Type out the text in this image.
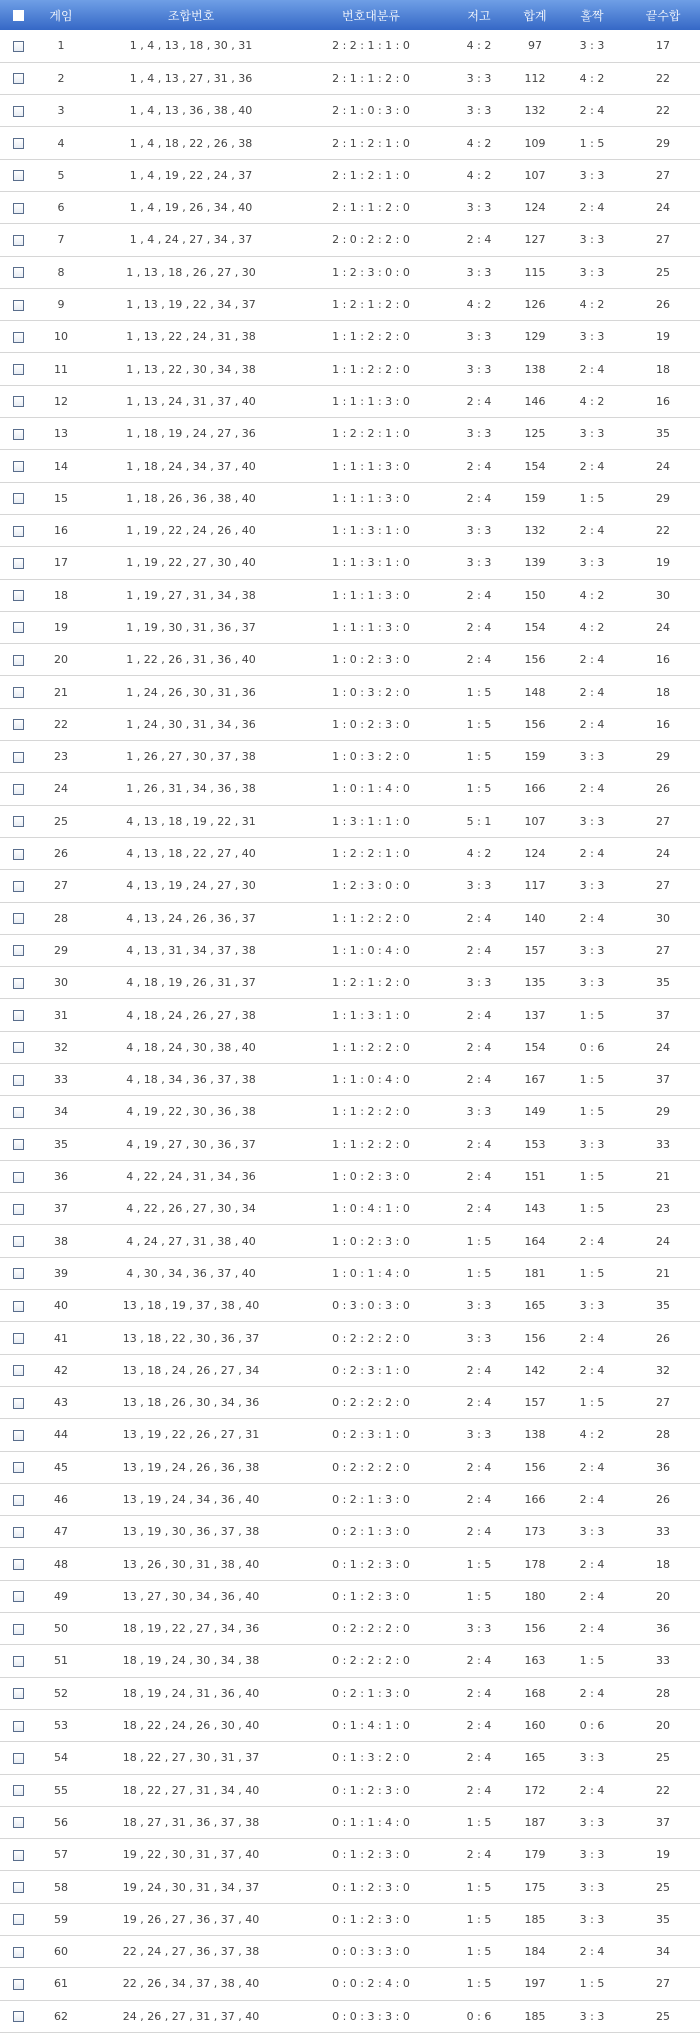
	게임	조합번호	번호대분류	저고	합계	홀짝	끝수합
	1	1 , 4 , 13 , 18 , 30 , 31	2 : 2 : 1 : 1 : 0	4 : 2	97	3 : 3	17
	2	1 , 4 , 13 , 27 , 31 , 36	2 : 1 : 1 : 2 : 0	3 : 3	112	4 : 2	22
	3	1 , 4 , 13 , 36 , 38 , 40	2 : 1 : 0 : 3 : 0	3 : 3	132	2 : 4	22
	4	1 , 4 , 18 , 22 , 26 , 38	2 : 1 : 2 : 1 : 0	4 : 2	109	1 : 5	29
	5	1 , 4 , 19 , 22 , 24 , 37	2 : 1 : 2 : 1 : 0	4 : 2	107	3 : 3	27
	6	1 , 4 , 19 , 26 , 34 , 40	2 : 1 : 1 : 2 : 0	3 : 3	124	2 : 4	24
	7	1 , 4 , 24 , 27 , 34 , 37	2 : 0 : 2 : 2 : 0	2 : 4	127	3 : 3	27
	8	1 , 13 , 18 , 26 , 27 , 30	1 : 2 : 3 : 0 : 0	3 : 3	115	3 : 3	25
	9	1 , 13 , 19 , 22 , 34 , 37	1 : 2 : 1 : 2 : 0	4 : 2	126	4 : 2	26
	10	1 , 13 , 22 , 24 , 31 , 38	1 : 1 : 2 : 2 : 0	3 : 3	129	3 : 3	19
	11	1 , 13 , 22 , 30 , 34 , 38	1 : 1 : 2 : 2 : 0	3 : 3	138	2 : 4	18
	12	1 , 13 , 24 , 31 , 37 , 40	1 : 1 : 1 : 3 : 0	2 : 4	146	4 : 2	16
	13	1 , 18 , 19 , 24 , 27 , 36	1 : 2 : 2 : 1 : 0	3 : 3	125	3 : 3	35
	14	1 , 18 , 24 , 34 , 37 , 40	1 : 1 : 1 : 3 : 0	2 : 4	154	2 : 4	24
	15	1 , 18 , 26 , 36 , 38 , 40	1 : 1 : 1 : 3 : 0	2 : 4	159	1 : 5	29
	16	1 , 19 , 22 , 24 , 26 , 40	1 : 1 : 3 : 1 : 0	3 : 3	132	2 : 4	22
	17	1 , 19 , 22 , 27 , 30 , 40	1 : 1 : 3 : 1 : 0	3 : 3	139	3 : 3	19
	18	1 , 19 , 27 , 31 , 34 , 38	1 : 1 : 1 : 3 : 0	2 : 4	150	4 : 2	30
	19	1 , 19 , 30 , 31 , 36 , 37	1 : 1 : 1 : 3 : 0	2 : 4	154	4 : 2	24
	20	1 , 22 , 26 , 31 , 36 , 40	1 : 0 : 2 : 3 : 0	2 : 4	156	2 : 4	16
	21	1 , 24 , 26 , 30 , 31 , 36	1 : 0 : 3 : 2 : 0	1 : 5	148	2 : 4	18
	22	1 , 24 , 30 , 31 , 34 , 36	1 : 0 : 2 : 3 : 0	1 : 5	156	2 : 4	16
	23	1 , 26 , 27 , 30 , 37 , 38	1 : 0 : 3 : 2 : 0	1 : 5	159	3 : 3	29
	24	1 , 26 , 31 , 34 , 36 , 38	1 : 0 : 1 : 4 : 0	1 : 5	166	2 : 4	26
	25	4 , 13 , 18 , 19 , 22 , 31	1 : 3 : 1 : 1 : 0	5 : 1	107	3 : 3	27
	26	4 , 13 , 18 , 22 , 27 , 40	1 : 2 : 2 : 1 : 0	4 : 2	124	2 : 4	24
	27	4 , 13 , 19 , 24 , 27 , 30	1 : 2 : 3 : 0 : 0	3 : 3	117	3 : 3	27
	28	4 , 13 , 24 , 26 , 36 , 37	1 : 1 : 2 : 2 : 0	2 : 4	140	2 : 4	30
	29	4 , 13 , 31 , 34 , 37 , 38	1 : 1 : 0 : 4 : 0	2 : 4	157	3 : 3	27
	30	4 , 18 , 19 , 26 , 31 , 37	1 : 2 : 1 : 2 : 0	3 : 3	135	3 : 3	35
	31	4 , 18 , 24 , 26 , 27 , 38	1 : 1 : 3 : 1 : 0	2 : 4	137	1 : 5	37
	32	4 , 18 , 24 , 30 , 38 , 40	1 : 1 : 2 : 2 : 0	2 : 4	154	0 : 6	24
	33	4 , 18 , 34 , 36 , 37 , 38	1 : 1 : 0 : 4 : 0	2 : 4	167	1 : 5	37
	34	4 , 19 , 22 , 30 , 36 , 38	1 : 1 : 2 : 2 : 0	3 : 3	149	1 : 5	29
	35	4 , 19 , 27 , 30 , 36 , 37	1 : 1 : 2 : 2 : 0	2 : 4	153	3 : 3	33
	36	4 , 22 , 24 , 31 , 34 , 36	1 : 0 : 2 : 3 : 0	2 : 4	151	1 : 5	21
	37	4 , 22 , 26 , 27 , 30 , 34	1 : 0 : 4 : 1 : 0	2 : 4	143	1 : 5	23
	38	4 , 24 , 27 , 31 , 38 , 40	1 : 0 : 2 : 3 : 0	1 : 5	164	2 : 4	24
	39	4 , 30 , 34 , 36 , 37 , 40	1 : 0 : 1 : 4 : 0	1 : 5	181	1 : 5	21
	40	13 , 18 , 19 , 37 , 38 , 40	0 : 3 : 0 : 3 : 0	3 : 3	165	3 : 3	35
	41	13 , 18 , 22 , 30 , 36 , 37	0 : 2 : 2 : 2 : 0	3 : 3	156	2 : 4	26
	42	13 , 18 , 24 , 26 , 27 , 34	0 : 2 : 3 : 1 : 0	2 : 4	142	2 : 4	32
	43	13 , 18 , 26 , 30 , 34 , 36	0 : 2 : 2 : 2 : 0	2 : 4	157	1 : 5	27
	44	13 , 19 , 22 , 26 , 27 , 31	0 : 2 : 3 : 1 : 0	3 : 3	138	4 : 2	28
	45	13 , 19 , 24 , 26 , 36 , 38	0 : 2 : 2 : 2 : 0	2 : 4	156	2 : 4	36
	46	13 , 19 , 24 , 34 , 36 , 40	0 : 2 : 1 : 3 : 0	2 : 4	166	2 : 4	26
	47	13 , 19 , 30 , 36 , 37 , 38	0 : 2 : 1 : 3 : 0	2 : 4	173	3 : 3	33
	48	13 , 26 , 30 , 31 , 38 , 40	0 : 1 : 2 : 3 : 0	1 : 5	178	2 : 4	18
	49	13 , 27 , 30 , 34 , 36 , 40	0 : 1 : 2 : 3 : 0	1 : 5	180	2 : 4	20
	50	18 , 19 , 22 , 27 , 34 , 36	0 : 2 : 2 : 2 : 0	3 : 3	156	2 : 4	36
	51	18 , 19 , 24 , 30 , 34 , 38	0 : 2 : 2 : 2 : 0	2 : 4	163	1 : 5	33
	52	18 , 19 , 24 , 31 , 36 , 40	0 : 2 : 1 : 3 : 0	2 : 4	168	2 : 4	28
	53	18 , 22 , 24 , 26 , 30 , 40	0 : 1 : 4 : 1 : 0	2 : 4	160	0 : 6	20
	54	18 , 22 , 27 , 30 , 31 , 37	0 : 1 : 3 : 2 : 0	2 : 4	165	3 : 3	25
	55	18 , 22 , 27 , 31 , 34 , 40	0 : 1 : 2 : 3 : 0	2 : 4	172	2 : 4	22
	56	18 , 27 , 31 , 36 , 37 , 38	0 : 1 : 1 : 4 : 0	1 : 5	187	3 : 3	37
	57	19 , 22 , 30 , 31 , 37 , 40	0 : 1 : 2 : 3 : 0	2 : 4	179	3 : 3	19
	58	19 , 24 , 30 , 31 , 34 , 37	0 : 1 : 2 : 3 : 0	1 : 5	175	3 : 3	25
	59	19 , 26 , 27 , 36 , 37 , 40	0 : 1 : 2 : 3 : 0	1 : 5	185	3 : 3	35
	60	22 , 24 , 27 , 36 , 37 , 38	0 : 0 : 3 : 3 : 0	1 : 5	184	2 : 4	34
	61	22 , 26 , 34 , 37 , 38 , 40	0 : 0 : 2 : 4 : 0	1 : 5	197	1 : 5	27
	62	24 , 26 , 27 , 31 , 37 , 40	0 : 0 : 3 : 3 : 0	0 : 6	185	3 : 3	25
